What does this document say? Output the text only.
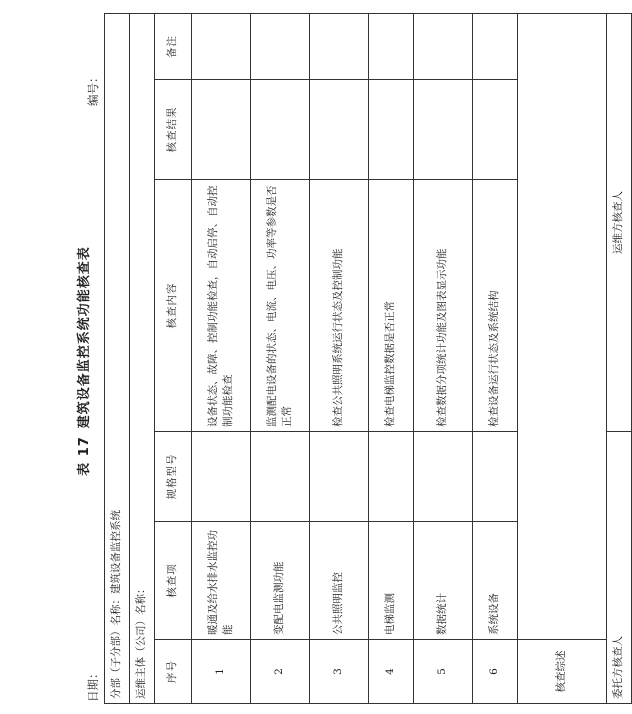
表 17建筑设备监控系统功能核查表
日期：
编号：
分部（子分部）名称：建筑设备监控系统					
运维主体（公司）名称：					
序号	核查项	规格型号	核查内容	核查结果	备注
1	暖通及给水排水监控功能		设备状态、故障、控制功能检查，自动启停、自动控制功能检查		
2	变配电监测功能		监测配电设备的状态、电流、电压、功率等参数是否正常		
3	公共照明监控		检查公共照明系统运行状态及控制功能		
4	电梯监测		检查电梯监控数据是否正常		
5	数据统计		检查数据分项统计功能及图表显示功能		
6	系统设备		检查设备运行状态及系统结构		
核查综述					
委托方核查人			运维方核查人		
